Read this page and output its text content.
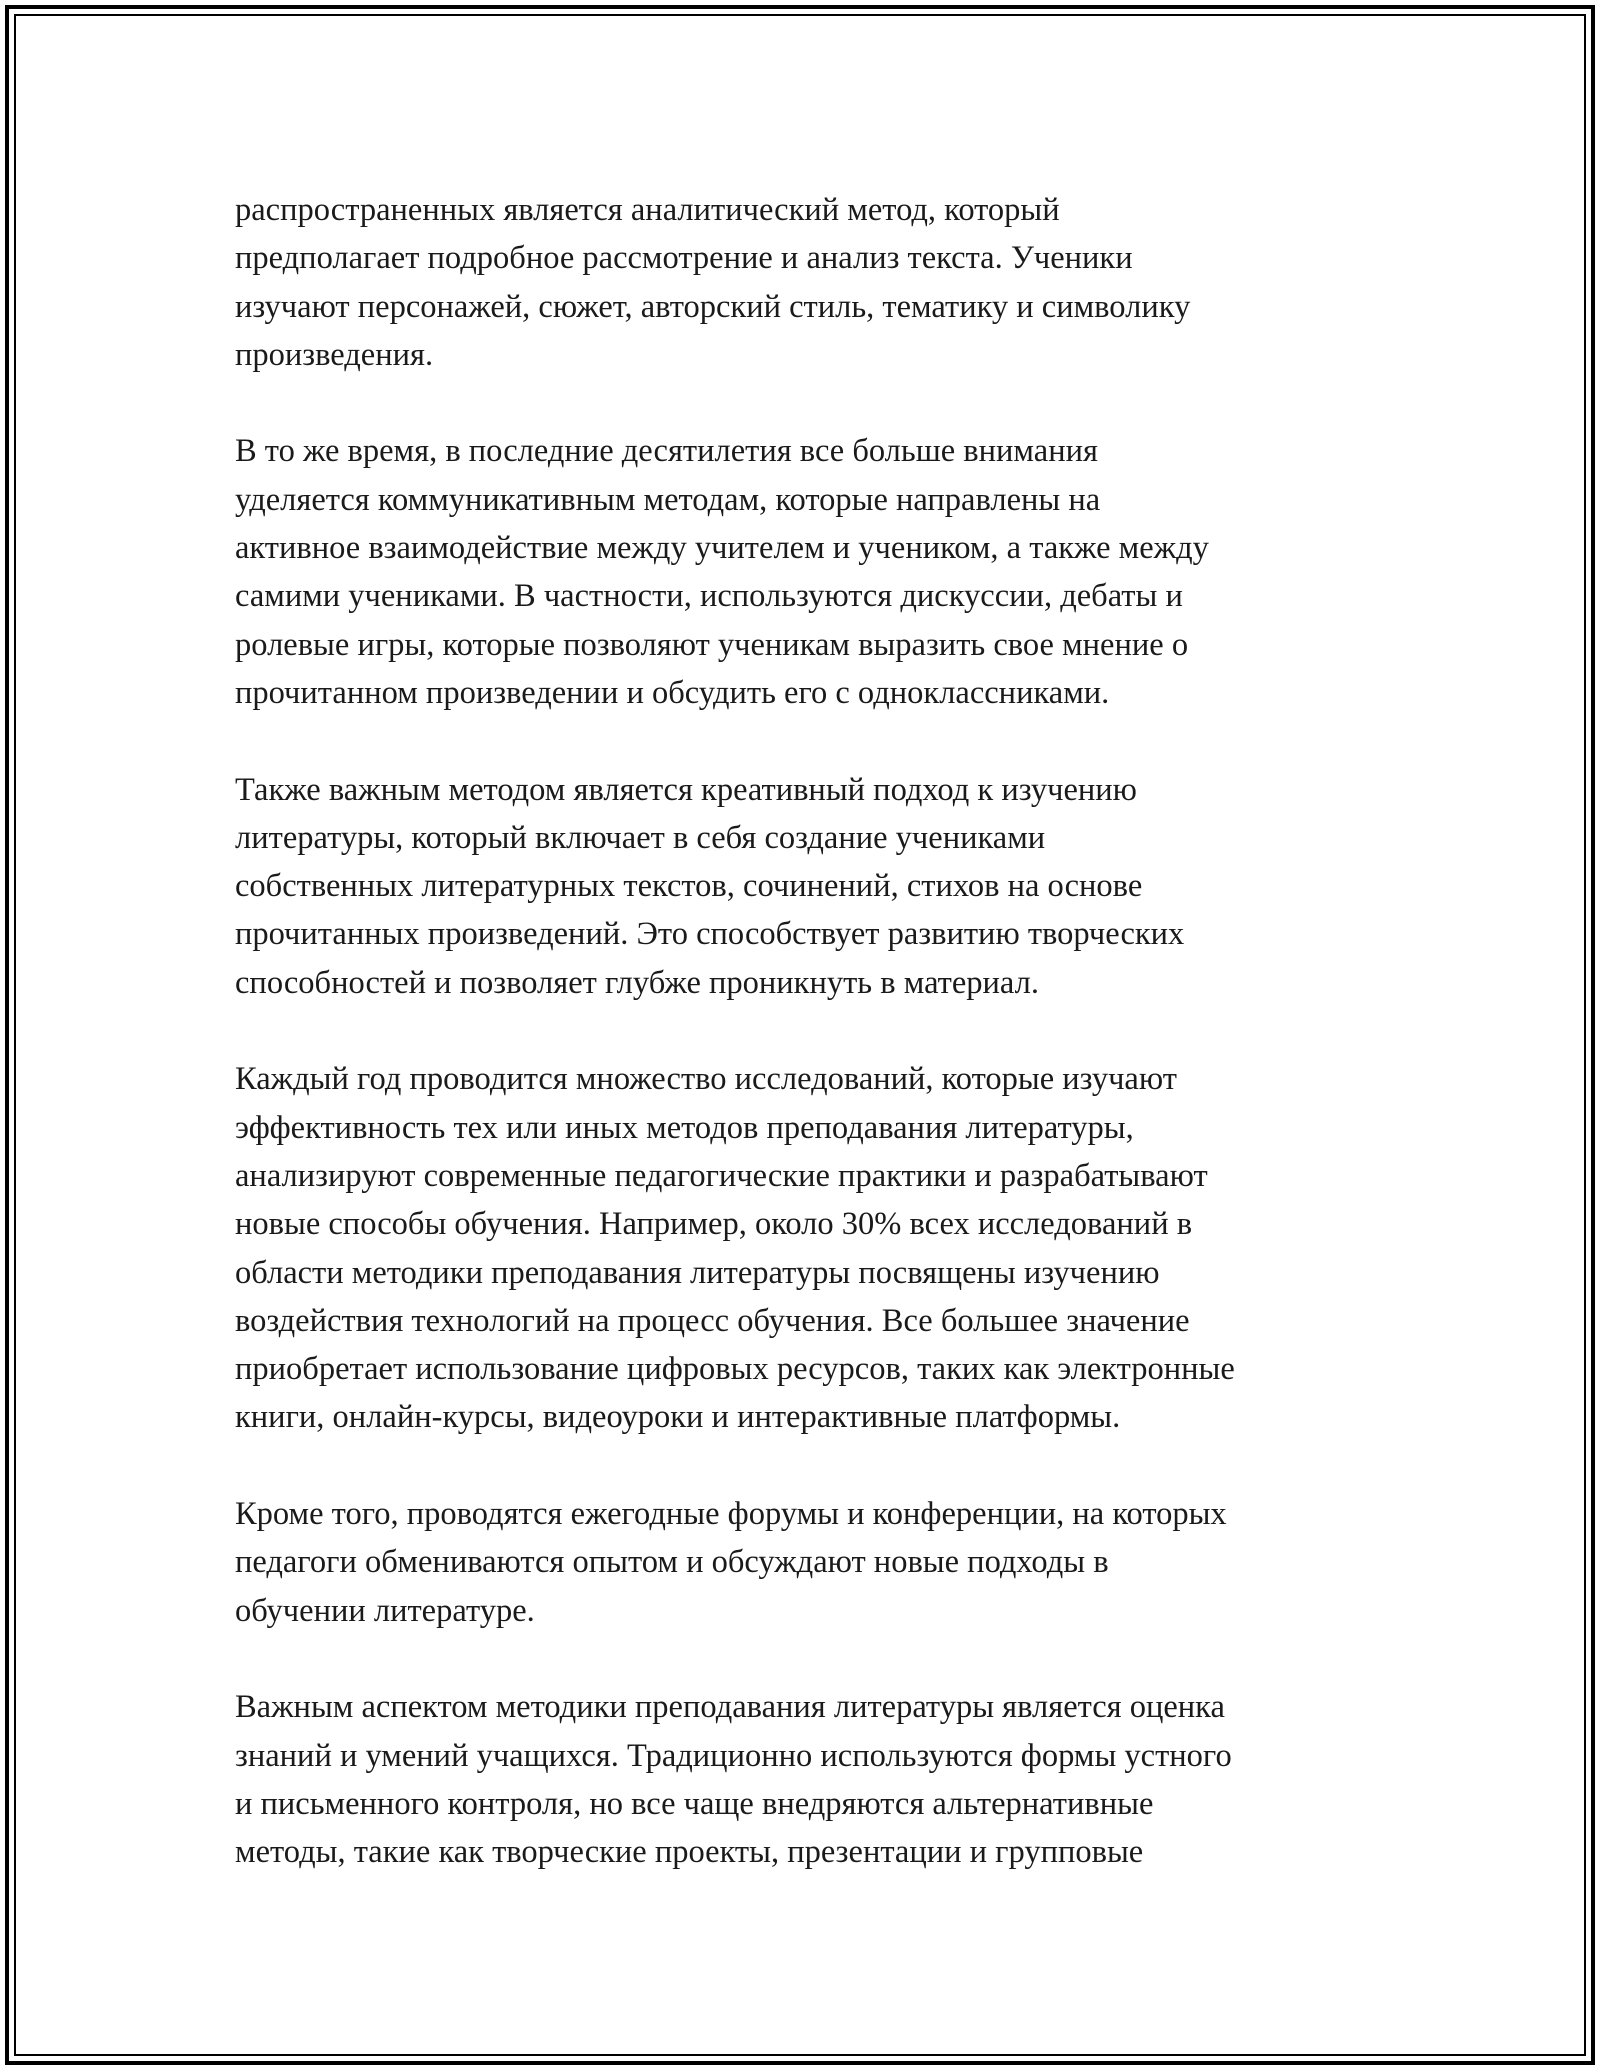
распространенных является аналитический метод, который
предполагает подробное рассмотрение и анализ текста. Ученики
изучают персонажей, сюжет, авторский стиль, тематику и символику
произведения.
В то же время, в последние десятилетия все больше внимания
уделяется коммуникативным методам, которые направлены на
активное взаимодействие между учителем и учеником, а также между
самими учениками. В частности, используются дискуссии, дебаты и
ролевые игры, которые позволяют ученикам выразить свое мнение о
прочитанном произведении и обсудить его с одноклассниками.
Также важным методом является креативный подход к изучению
литературы, который включает в себя создание учениками
собственных литературных текстов, сочинений, стихов на основе
прочитанных произведений. Это способствует развитию творческих
способностей и позволяет глубже проникнуть в материал.
Каждый год проводится множество исследований, которые изучают
эффективность тех или иных методов преподавания литературы,
анализируют современные педагогические практики и разрабатывают
новые способы обучения. Например, около 30% всех исследований в
области методики преподавания литературы посвящены изучению
воздействия технологий на процесс обучения. Все большее значение
приобретает использование цифровых ресурсов, таких как электронные
книги, онлайн-курсы, видеоуроки и интерактивные платформы.
Кроме того, проводятся ежегодные форумы и конференции, на которых
педагоги обмениваются опытом и обсуждают новые подходы в
обучении литературе.
Важным аспектом методики преподавания литературы является оценка
знаний и умений учащихся. Традиционно используются формы устного
и письменного контроля, но все чаще внедряются альтернативные
методы, такие как творческие проекты, презентации и групповые
